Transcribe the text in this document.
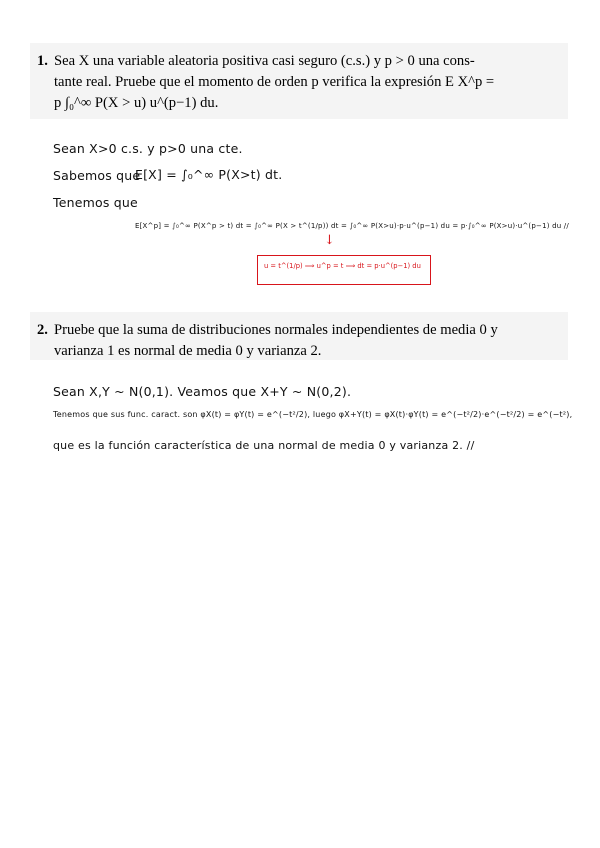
1. Sea X una variable aleatoria positiva casi seguro (c.s.) y p > 0 una cons-
tante real. Pruebe que el momento de orden p verifica la expresión E X^p =
p ∫₀^∞ P(X > u) u^(p−1) du.
Sean X>0 c.s. y p>0 una cte.
Sabemos que
E[X] = ∫₀^∞ P(X>t) dt.
Tenemos que
E[X^p] = ∫₀^∞ P(X^p > t) dt = ∫₀^∞ P(X > t^(1/p)) dt = ∫₀^∞ P(X>u)·p·u^(p−1) du = p·∫₀^∞ P(X>u)·u^(p−1) du //
↓
u = t^(1/p) ⟹ u^p = t ⟹ dt = p·u^(p−1) du
2. Pruebe que la suma de distribuciones normales independientes de media 0 y
varianza 1 es normal de media 0 y varianza 2.
Sean X,Y ~ N(0,1). Veamos que X+Y ~ N(0,2).
Tenemos que sus func. caract. son φX(t) = φY(t) = e^(−t²/2), luego φX+Y(t) = φX(t)·φY(t) = e^(−t²/2)·e^(−t²/2) = e^(−t²),
que es la función característica de una normal de media 0 y varianza 2. //
